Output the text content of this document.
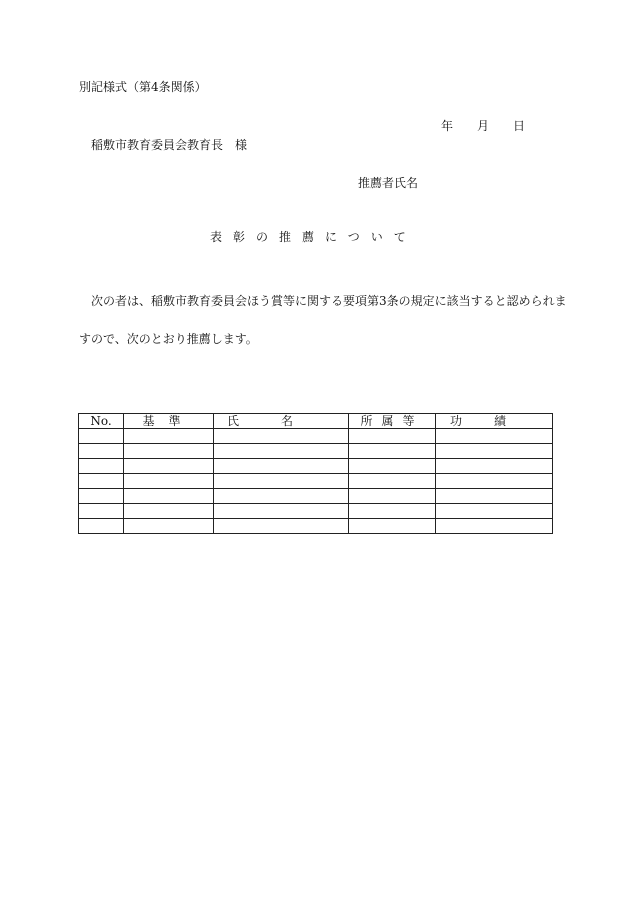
別記様式（第4条関係）
年 月 日
稲敷市教育委員会教育長　様
推薦者氏名
表彰の推薦について
次の者は、稲敷市教育委員会ほう賞等に関する要項第3条の規定に該当すると認められま
すので、次のとおり推薦します。
No.	基準	氏名	所属等	功績
